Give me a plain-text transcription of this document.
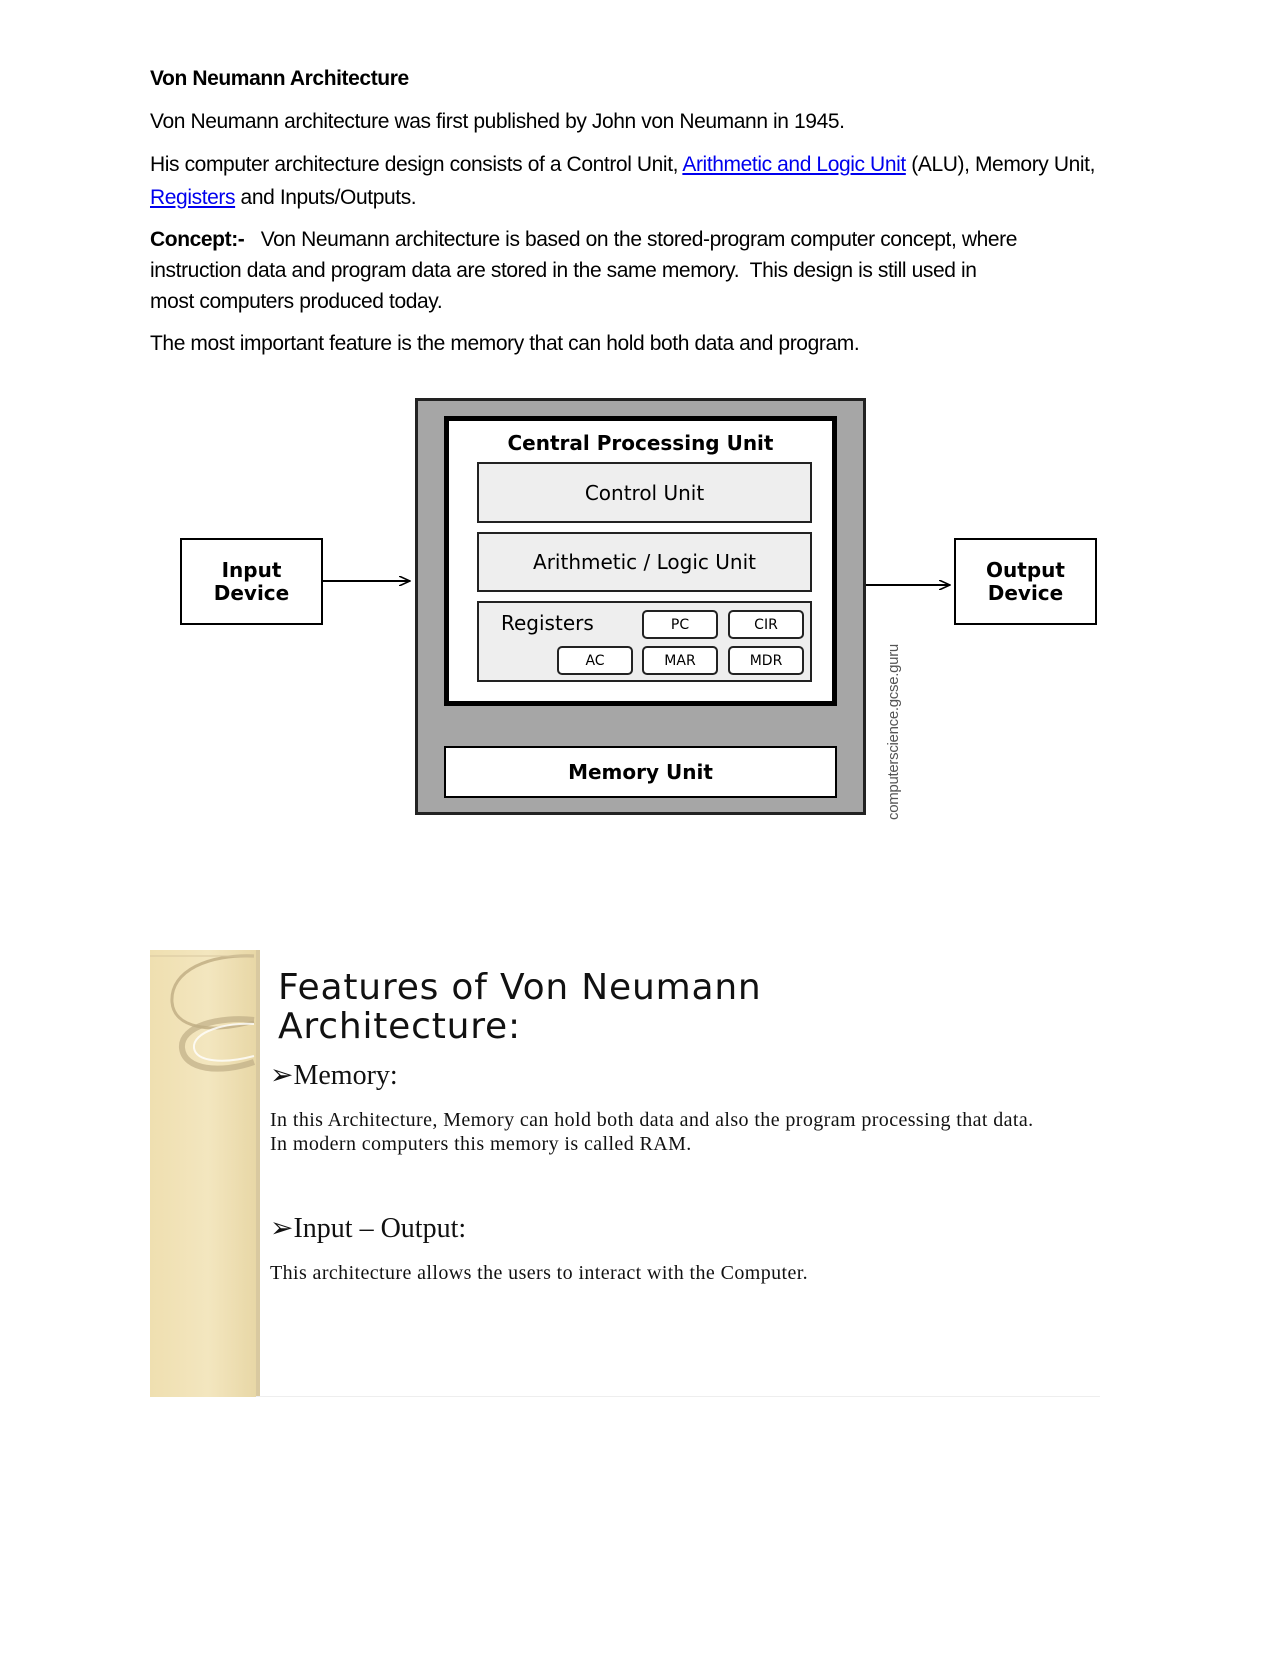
Von Neumann Architecture

Von Neumann architecture was first published by John von Neumann in 1945.

His computer architecture design consists of a Control Unit, Arithmetic and Logic Unit (ALU), Memory Unit,
Registers and Inputs/Outputs.

Concept:-   Von Neumann architecture is based on the stored-program computer concept, where
instruction data and program data are stored in the same memory.  This design is still used in
most computers produced today.

The most important feature is the memory that can hold both data and program.

Input Device
Output Device
Central Processing Unit
Control Unit
Arithmetic / Logic Unit
Registers	PC	CIR
AC	MAR	MDR
Memory Unit	computerscience.gcse.guru
Features of Von Neumann Architecture:
➢Memory:

In this Architecture, Memory can hold both data and also the program processing that data. In modern computers this memory is called RAM.

➢Input – Output:

This architecture allows the users to interact with the Computer.
